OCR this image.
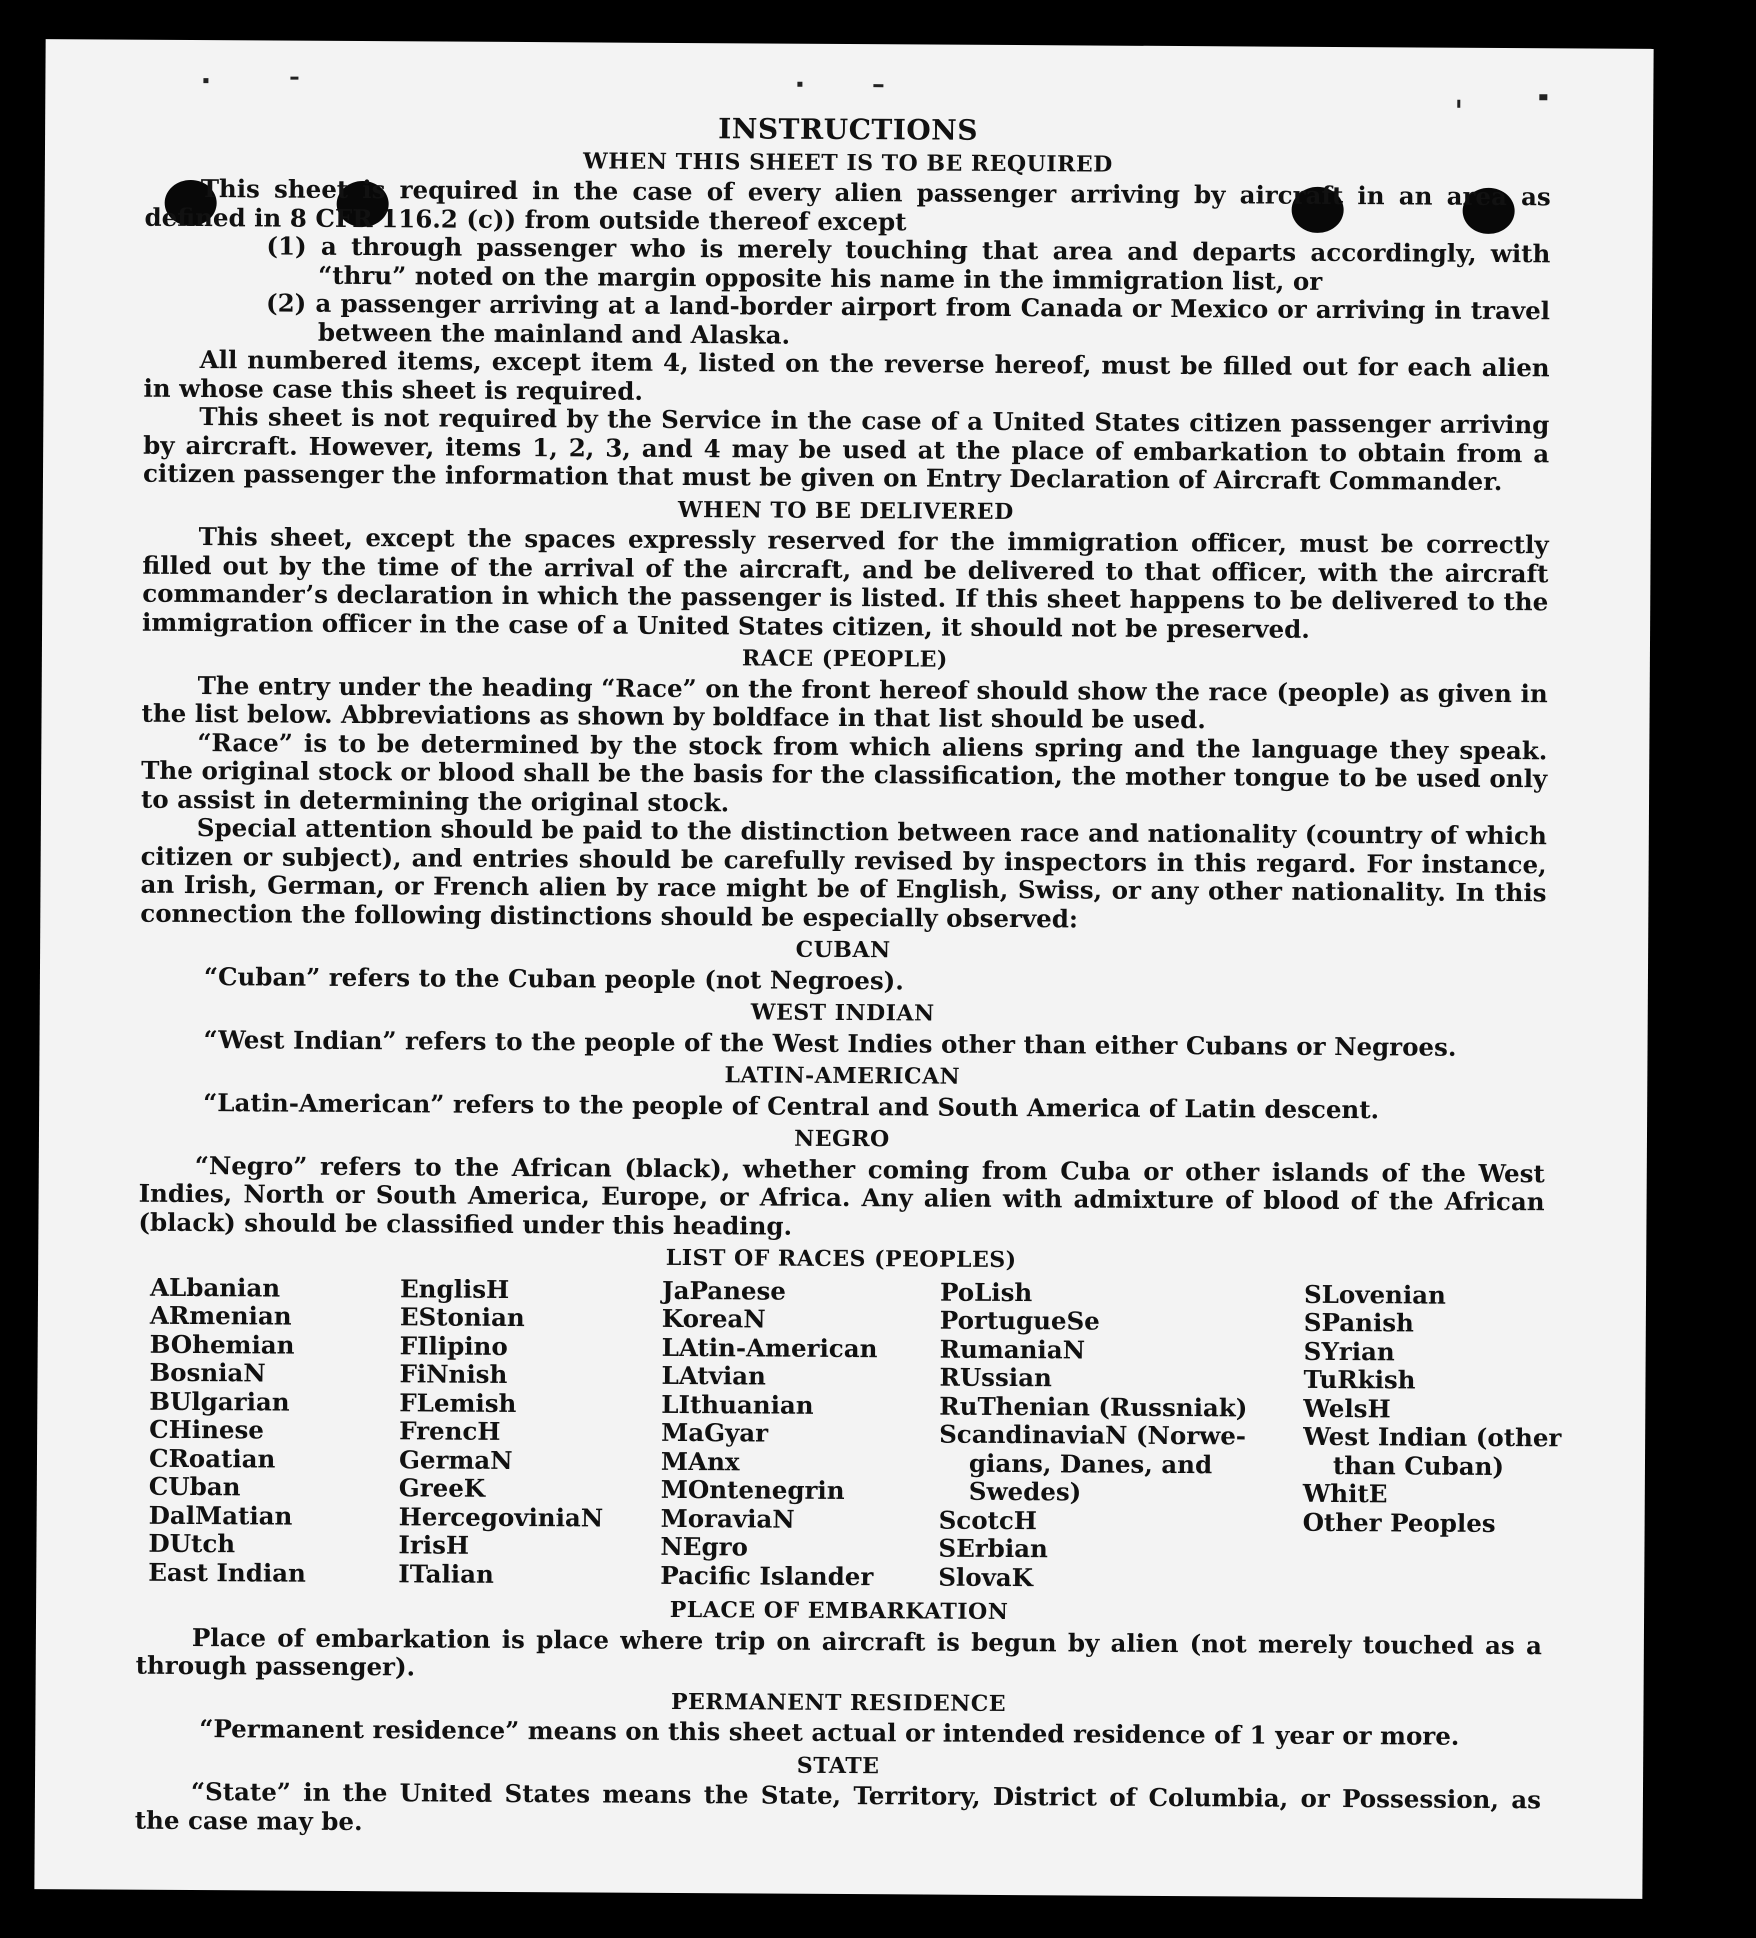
INSTRUCTIONS
WHEN THIS SHEET IS TO BE REQUIRED

This sheet is required in the case of every alien passenger arriving by aircraft in an area as defined in 8 CFR 116.2 (c)) from outside thereof except

(1) a through passenger who is merely touching that area and departs accordingly, with “thru” noted on the margin opposite his name in the immigration list, or

(2) a passenger arriving at a land-border airport from Canada or Mexico or arriving in travel between the mainland and Alaska.

All numbered items, except item 4, listed on the reverse hereof, must be filled out for each alien in whose case this sheet is required.

This sheet is not required by the Service in the case of a United States citizen passenger arriving by aircraft. However, items 1, 2, 3, and 4 may be used at the place of embarkation to obtain from a citizen passenger the information that must be given on Entry Declaration of Aircraft Commander.

WHEN TO BE DELIVERED

This sheet, except the spaces expressly reserved for the immigration officer, must be correctly filled out by the time of the arrival of the aircraft, and be delivered to that officer, with the aircraft commander’s declaration in which the passenger is listed. If this sheet happens to be delivered to the immigration officer in the case of a United States citizen, it should not be preserved.

RACE (PEOPLE)

The entry under the heading “Race” on the front hereof should show the race (people) as given in the list below. Abbreviations as shown by boldface in that list should be used.

“Race” is to be determined by the stock from which aliens spring and the language they speak. The original stock or blood shall be the basis for the classification, the mother tongue to be used only to assist in determining the original stock.

Special attention should be paid to the distinction between race and nationality (country of which citizen or subject), and entries should be carefully revised by inspectors in this regard. For instance, an Irish, German, or French alien by race might be of English, Swiss, or any other nationality. In this connection the following distinctions should be especially observed:

CUBAN

“Cuban” refers to the Cuban people (not Negroes).

WEST INDIAN

“West Indian” refers to the people of the West Indies other than either Cubans or Negroes.

LATIN-AMERICAN

“Latin-American” refers to the people of Central and South America of Latin descent.

NEGRO

“Negro” refers to the African (black), whether coming from Cuba or other islands of the West Indies, North or South America, Europe, or Africa. Any alien with admixture of blood of the African (black) should be classified under this heading.

LIST OF RACES (PEOPLES)
ALbanian
ARmenian
BOhemian
BosniaN
BUlgarian
CHinese
CRoatian
CUban
DalMatian
DUtch
East Indian
EnglisH
EStonian
FIlipino
FiNnish
FLemish
FrencH
GermaN
GreeK
HercegoviniaN
IrisH
ITalian
JaPanese
KoreaN
LAtin-American
LAtvian
LIthuanian
MaGyar
MAnx
MOntenegrin
MoraviaN
NEgro
Pacific Islander
PoLish
PortugueSe
RumaniaN
RUssian
RuThenian (Russniak)
ScandinaviaN (Norwe-
gians, Danes, and
Swedes)
ScotcH
SErbian
SlovaK
SLovenian
SPanish
SYrian
TuRkish
WelsH
West Indian (other
than Cuban)
WhitE
Other Peoples
PLACE OF EMBARKATION

Place of embarkation is place where trip on aircraft is begun by alien (not merely touched as a through passenger).

PERMANENT RESIDENCE

“Permanent residence” means on this sheet actual or intended residence of 1 year or more.

STATE

“State” in the United States means the State, Territory, District of Columbia, or Possession, as the case may be.
